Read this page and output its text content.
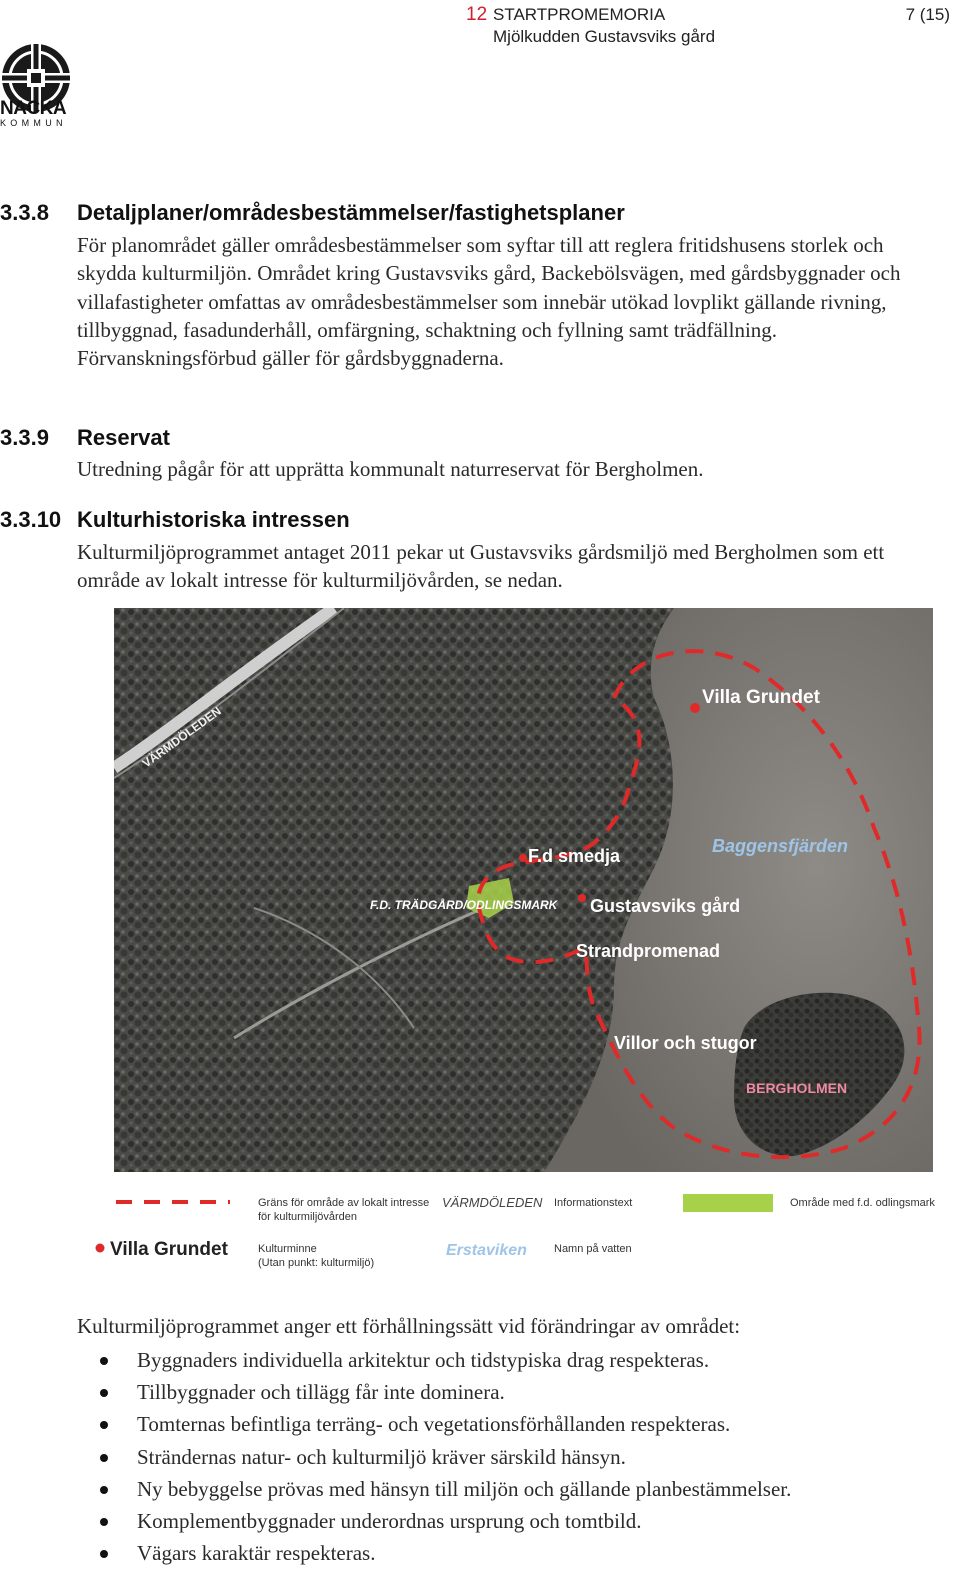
NACKA
KOMMUN
12 STARTPROMEMORIA
Mjölkudden Gustavsviks gård
7 (15)
3.3.8 Detaljplaner/områdesbestämmelser/fastighetsplaner
För planområdet gäller områdesbestämmelser som syftar till att reglera fritidshusens storlek och skydda kulturmiljön. Området kring Gustavsviks gård, Backebölsvägen, med gårdsbyggnader och villafastigheter omfattas av områdesbestämmelser som innebär utökad lovplikt gällande rivning, tillbyggnad, fasadunderhåll, omfärgning, schaktning och fyllning samt trädfällning. Förvanskningsförbud gäller för gårdsbyggnaderna.
3.3.9 Reservat
Utredning pågår för att upprätta kommunalt naturreservat för Bergholmen.
3.3.10 Kulturhistoriska intressen
Kulturmiljöprogrammet antaget 2011 pekar ut Gustavsviks gårdsmiljö med Bergholmen som ett område av lokalt intresse för kulturmiljövården, se nedan.
Villa Grundet
VÄRMDÖLEDEN
Baggensfjärden
F.d smedja
F.D. TRÄDGÅRD/ODLINGSMARK Gustavsviks gård
Strandpromenad
Villor och stugor
BERGHOLMEN
Gräns för område av lokalt intresse
för kulturmiljövården
VÄRMDÖLEDEN Informationstext	Område med f.d. odlingsmark
Villa Grundet	Kulturminne
(Utan punkt: kulturmiljö)
Erstaviken Namn på vatten
Kulturmiljöprogrammet anger ett förhållningssätt vid förändringar av området:
Byggnaders individuella arkitektur och tidstypiska drag respekteras.
Tillbyggnader och tillägg får inte dominera.
Tomternas befintliga terräng- och vegetationsförhållanden respekteras.
Strändernas natur- och kulturmiljö kräver särskild hänsyn.
Ny bebyggelse prövas med hänsyn till miljön och gällande planbestämmelser.
Komplementbyggnader underordnas ursprung och tomtbild.
Vägars karaktär respekteras.
